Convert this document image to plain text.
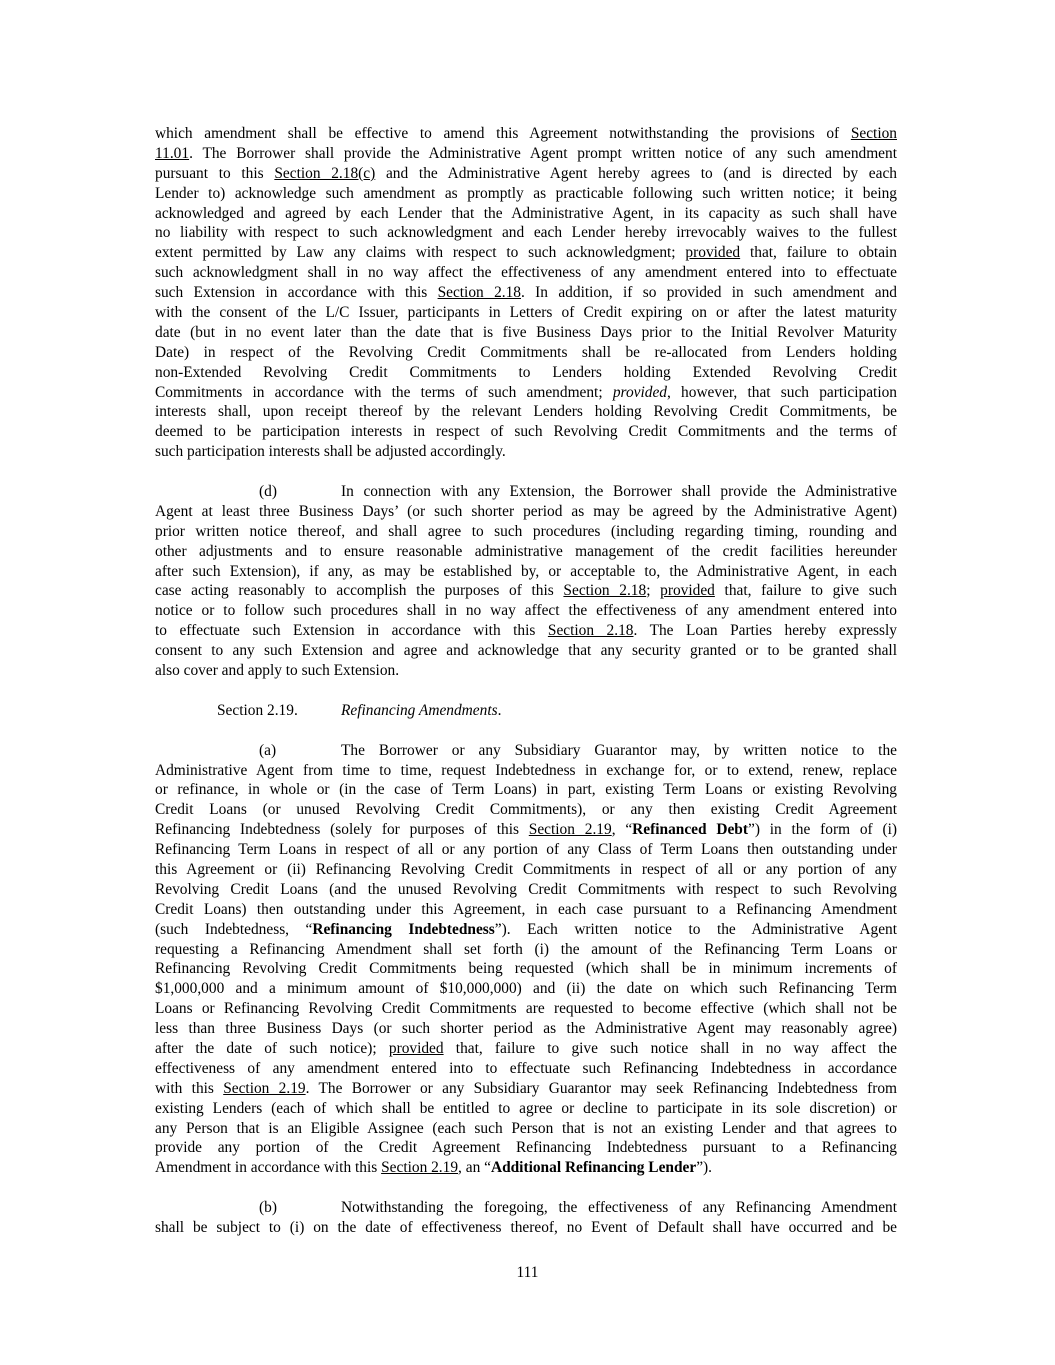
which amendment shall be effective to amend this Agreement notwithstanding the provisions of Section
11.01. The Borrower shall provide the Administrative Agent prompt written notice of any such amendment
pursuant to this Section 2.18(c) and the Administrative Agent hereby agrees to (and is directed by each
Lender to) acknowledge such amendment as promptly as practicable following such written notice; it being
acknowledged and agreed by each Lender that the Administrative Agent, in its capacity as such shall have
no liability with respect to such acknowledgment and each Lender hereby irrevocably waives to the fullest
extent permitted by Law any claims with respect to such acknowledgment; provided that, failure to obtain
such acknowledgment shall in no way affect the effectiveness of any amendment entered into to effectuate
such Extension in accordance with this Section 2.18. In addition, if so provided in such amendment and
with the consent of the L/C Issuer, participants in Letters of Credit expiring on or after the latest maturity
date (but in no event later than the date that is five Business Days prior to the Initial Revolver Maturity
Date) in respect of the Revolving Credit Commitments shall be re-allocated from Lenders holding
non-Extended Revolving Credit Commitments to Lenders holding Extended Revolving Credit
Commitments in accordance with the terms of such amendment; provided, however, that such participation
interests shall, upon receipt thereof by the relevant Lenders holding Revolving Credit Commitments, be
deemed to be participation interests in respect of such Revolving Credit Commitments and the terms of
such participation interests shall be adjusted accordingly.
(d)	In connection with any Extension, the Borrower shall provide the Administrative
Agent at least three Business Days’ (or such shorter period as may be agreed by the Administrative Agent)
prior written notice thereof, and shall agree to such procedures (including regarding timing, rounding and
other adjustments and to ensure reasonable administrative management of the credit facilities hereunder
after such Extension), if any, as may be established by, or acceptable to, the Administrative Agent, in each
case acting reasonably to accomplish the purposes of this Section 2.18; provided that, failure to give such
notice or to follow such procedures shall in no way affect the effectiveness of any amendment entered into
to effectuate such Extension in accordance with this Section 2.18. The Loan Parties hereby expressly
consent to any such Extension and agree and acknowledge that any security granted or to be granted shall
also cover and apply to such Extension.
Section 2.19.	Refinancing Amendments.
(a)	The Borrower or any Subsidiary Guarantor may, by written notice to the
Administrative Agent from time to time, request Indebtedness in exchange for, or to extend, renew, replace
or refinance, in whole or (in the case of Term Loans) in part, existing Term Loans or existing Revolving
Credit Loans (or unused Revolving Credit Commitments), or any then existing Credit Agreement
Refinancing Indebtedness (solely for purposes of this Section 2.19, “Refinanced Debt”) in the form of (i)
Refinancing Term Loans in respect of all or any portion of any Class of Term Loans then outstanding under
this Agreement or (ii) Refinancing Revolving Credit Commitments in respect of all or any portion of any
Revolving Credit Loans (and the unused Revolving Credit Commitments with respect to such Revolving
Credit Loans) then outstanding under this Agreement, in each case pursuant to a Refinancing Amendment
(such Indebtedness, “Refinancing Indebtedness”). Each written notice to the Administrative Agent
requesting a Refinancing Amendment shall set forth (i) the amount of the Refinancing Term Loans or
Refinancing Revolving Credit Commitments being requested (which shall be in minimum increments of
$1,000,000 and a minimum amount of $10,000,000) and (ii) the date on which such Refinancing Term
Loans or Refinancing Revolving Credit Commitments are requested to become effective (which shall not be
less than three Business Days (or such shorter period as the Administrative Agent may reasonably agree)
after the date of such notice); provided that, failure to give such notice shall in no way affect the
effectiveness of any amendment entered into to effectuate such Refinancing Indebtedness in accordance
with this Section 2.19. The Borrower or any Subsidiary Guarantor may seek Refinancing Indebtedness from
existing Lenders (each of which shall be entitled to agree or decline to participate in its sole discretion) or
any Person that is an Eligible Assignee (each such Person that is not an existing Lender and that agrees to
provide any portion of the Credit Agreement Refinancing Indebtedness pursuant to a Refinancing
Amendment in accordance with this Section 2.19, an “Additional Refinancing Lender”).
(b)	Notwithstanding the foregoing, the effectiveness of any Refinancing Amendment
shall be subject to (i) on the date of effectiveness thereof, no Event of Default shall have occurred and be
111
